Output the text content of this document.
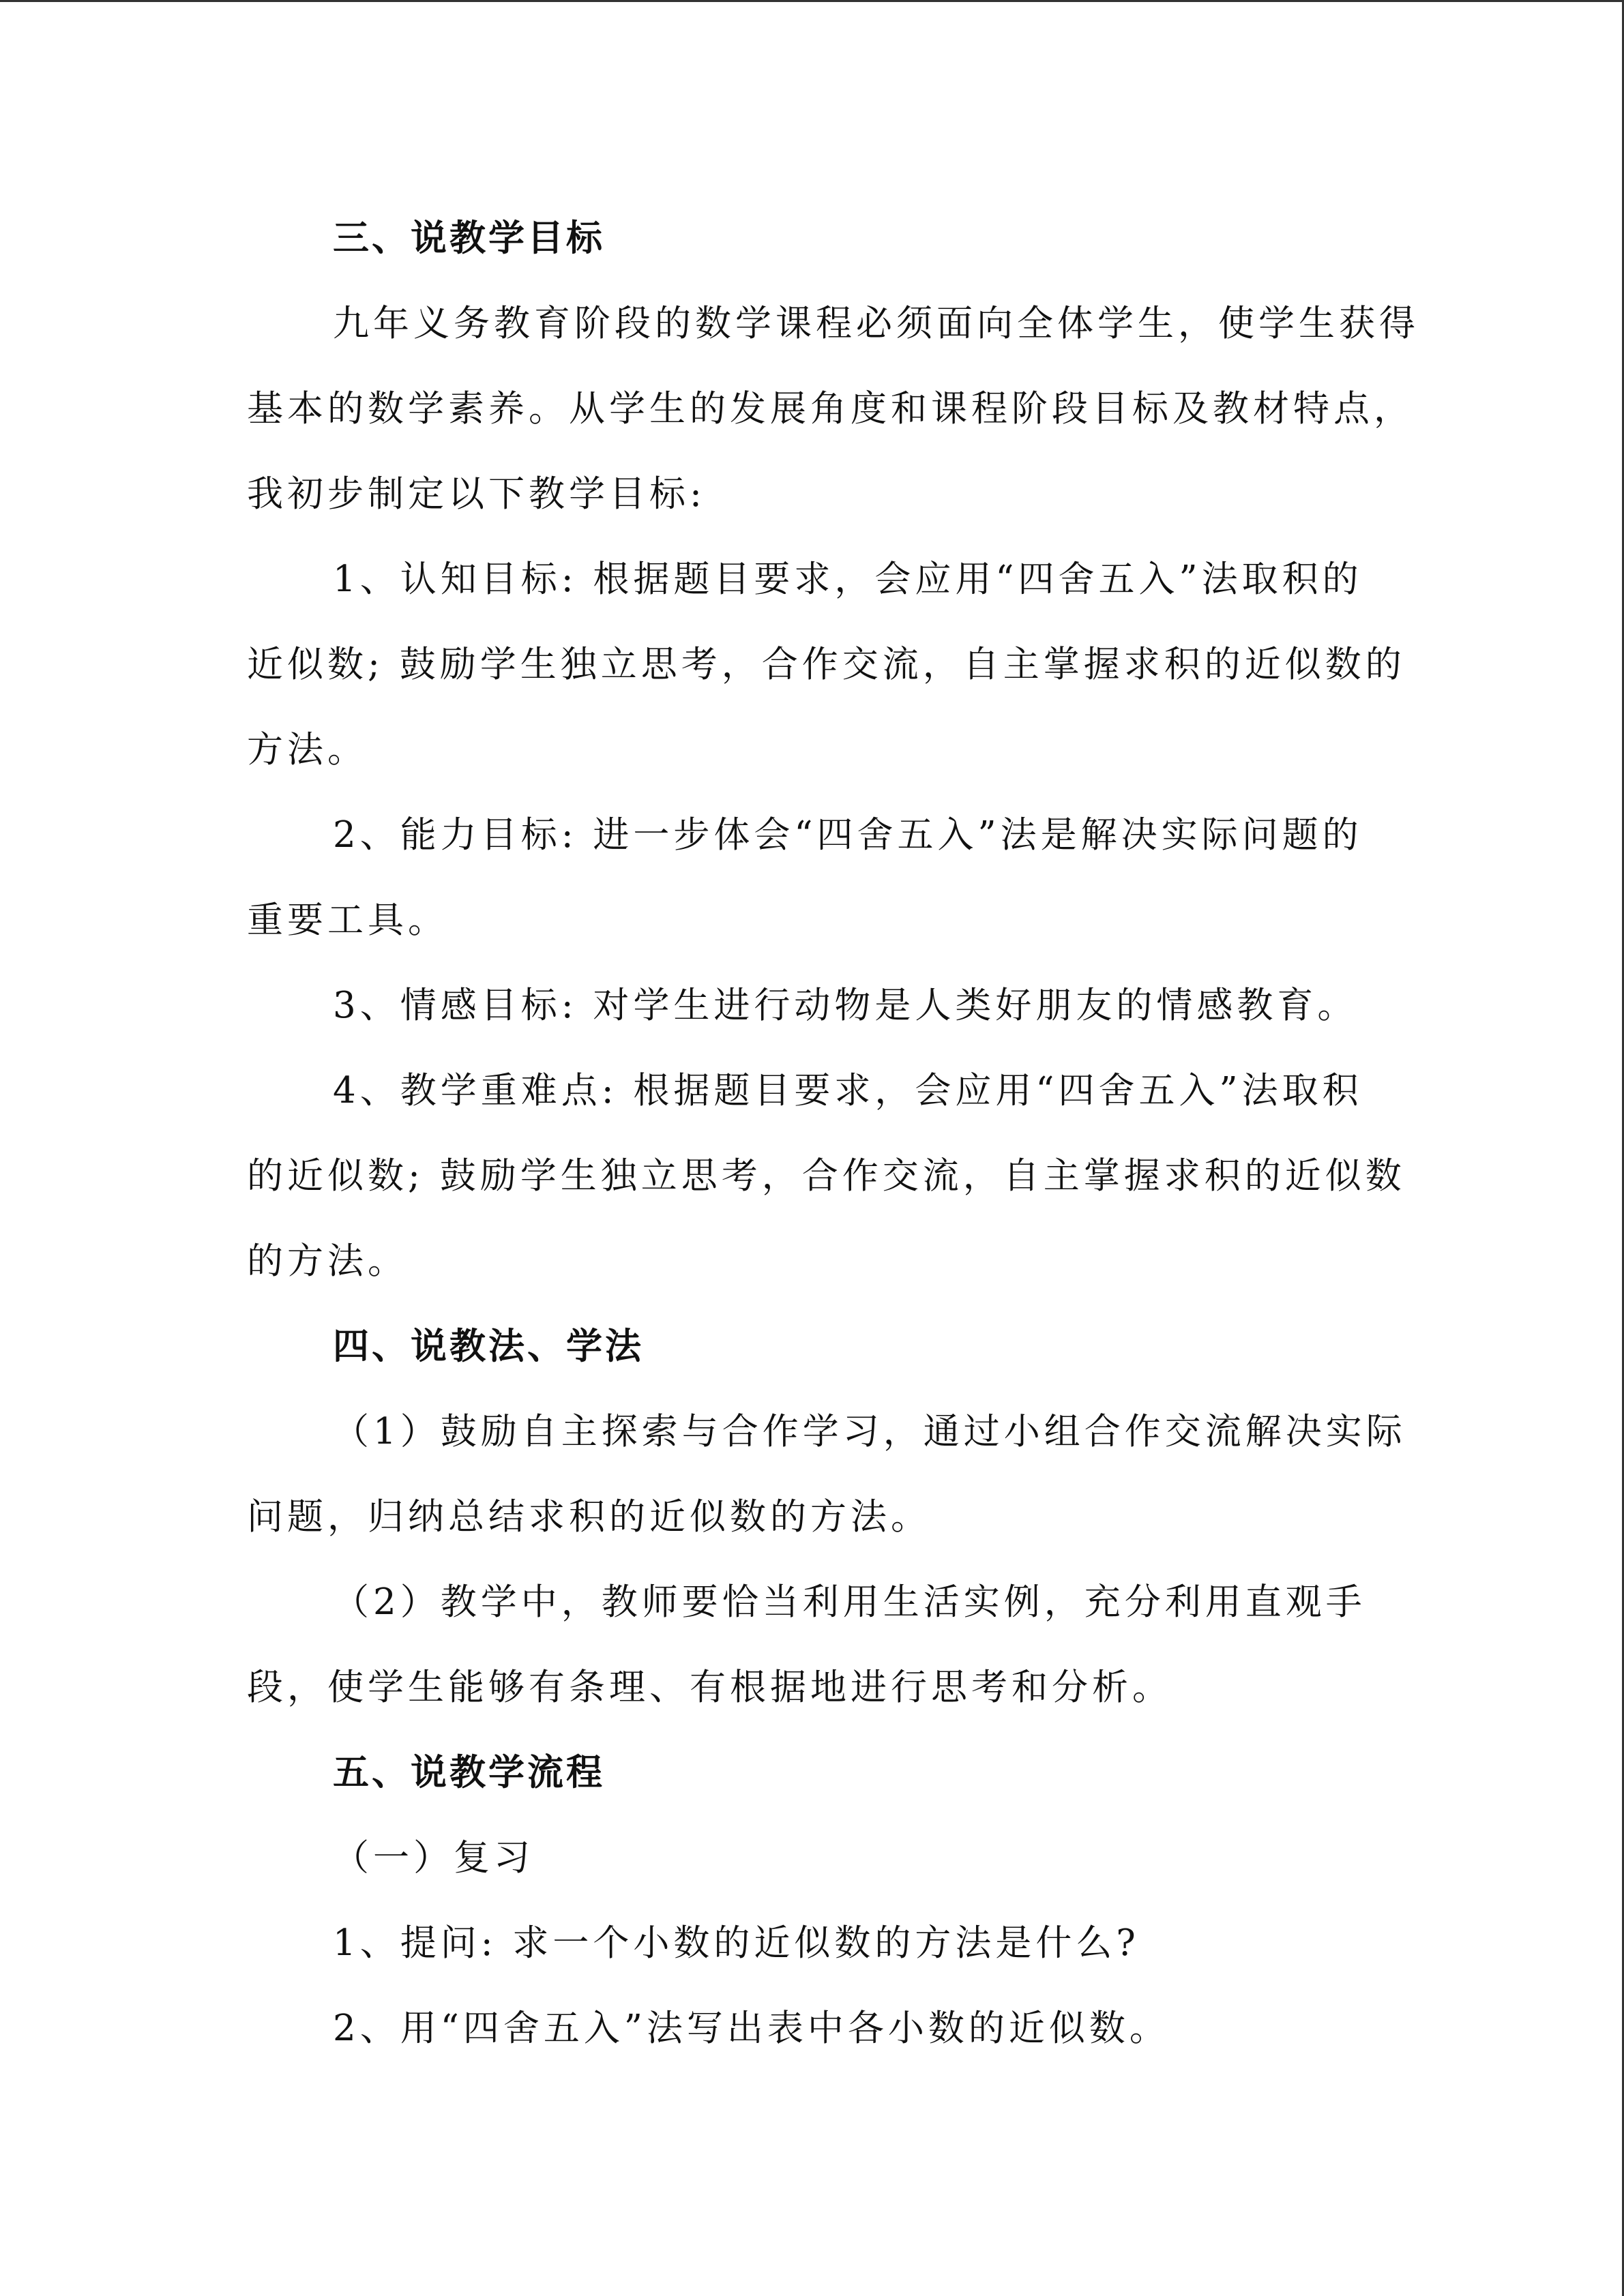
三、说教学目标
九年义务教育阶段的数学课程必须面向全体学生，使学生获得
基本的数学素养。从学生的发展角度和课程阶段目标及教材特点，
我初步制定以下教学目标:
1、认知目标: 根据题目要求，会应用“四舍五入”法取积的
近似数; 鼓励学生独立思考，合作交流，自主掌握求积的近似数的
方法。
2、能力目标: 进一步体会“四舍五入”法是解决实际问题的
重要工具。
3、情感目标: 对学生进行动物是人类好朋友的情感教育。
4、教学重难点: 根据题目要求，会应用“四舍五入”法取积
的近似数; 鼓励学生独立思考，合作交流，自主掌握求积的近似数
的方法。
四、说教法、学法
（1）鼓励自主探索与合作学习，通过小组合作交流解决实际
问题，归纳总结求积的近似数的方法。
（2）教学中，教师要恰当利用生活实例，充分利用直观手
段，使学生能够有条理、有根据地进行思考和分析。
五、说教学流程
（一）复习
1、提问: 求一个小数的近似数的方法是什么?
2、用“四舍五入”法写出表中各小数的近似数。
